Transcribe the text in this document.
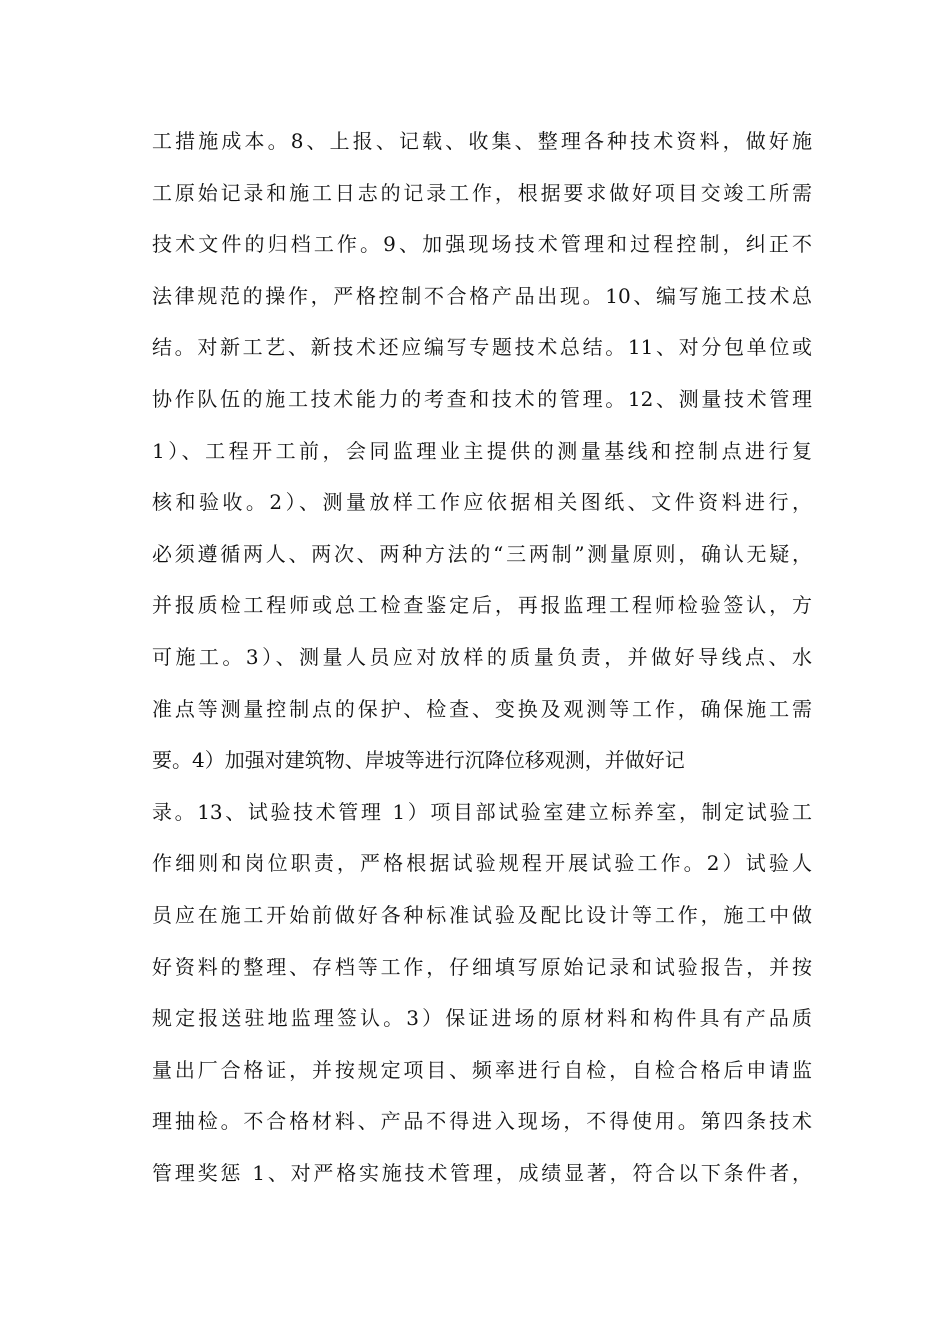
工措施成本。8、上报、记载、收集、整理各种技术资料，做好施
工原始记录和施工日志的记录工作，根据要求做好项目交竣工所需
技术文件的归档工作。9、加强现场技术管理和过程控制，纠正不
法律规范的操作，严格控制不合格产品出现。10、编写施工技术总
结。对新工艺、新技术还应编写专题技术总结。11、对分包单位或
协作队伍的施工技术能力的考查和技术的管理。12、测量技术管理
1）、工程开工前，会同监理业主提供的测量基线和控制点进行复
核和验收。2）、测量放样工作应依据相关图纸、文件资料进行，
必须遵循两人、两次、两种方法的“三两制”测量原则，确认无疑，
并报质检工程师或总工检查鉴定后，再报监理工程师检验签认，方
可施工。3）、测量人员应对放样的质量负责，并做好导线点、水
准点等测量控制点的保护、检查、变换及观测等工作，确保施工需
要。4）加强对建筑物、岸坡等进行沉降位移观测，并做好记
录。13、试验技术管理 1）项目部试验室建立标养室，制定试验工
作细则和岗位职责，严格根据试验规程开展试验工作。2）试验人
员应在施工开始前做好各种标准试验及配比设计等工作，施工中做
好资料的整理、存档等工作，仔细填写原始记录和试验报告，并按
规定报送驻地监理签认。3）保证进场的原材料和构件具有产品质
量出厂合格证，并按规定项目、频率进行自检，自检合格后申请监
理抽检。不合格材料、产品不得进入现场，不得使用。第四条技术
管理奖惩 1、对严格实施技术管理，成绩显著，符合以下条件者，
